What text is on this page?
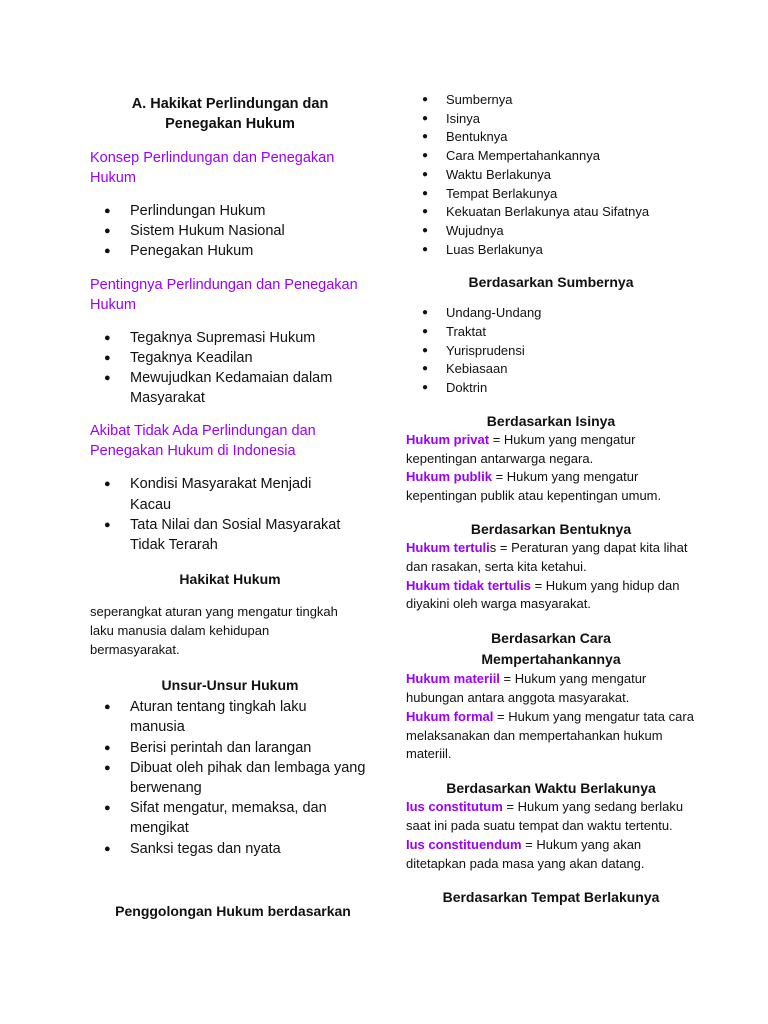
A. Hakikat Perlindungan dan
Penegakan Hukum
Konsep Perlindungan dan Penegakan Hukum
● Perlindungan Hukum
● Sistem Hukum Nasional
● Penegakan Hukum
Pentingnya Perlindungan dan Penegakan Hukum
● Tegaknya Supremasi Hukum
● Tegaknya Keadilan
● Mewujudkan Kedamaian dalam Masyarakat
Akibat Tidak Ada Perlindungan dan Penegakan Hukum di Indonesia
● Kondisi Masyarakat Menjadi Kacau
● Tata Nilai dan Sosial Masyarakat Tidak Terarah
Hakikat Hukum

seperangkat aturan yang mengatur tingkah laku manusia dalam kehidupan bermasyarakat.

Unsur-Unsur Hukum
● Aturan tentang tingkah laku manusia
● Berisi perintah dan larangan
● Dibuat oleh pihak dan lembaga yang berwenang
● Sifat mengatur, memaksa, dan mengikat
● Sanksi tegas dan nyata
Penggolongan Hukum berdasarkan
● Sumbernya
● Isinya
● Bentuknya
● Cara Mempertahankannya
● Waktu Berlakunya
● Tempat Berlakunya
● Kekuatan Berlakunya atau Sifatnya
● Wujudnya
● Luas Berlakunya
Berdasarkan Sumbernya
● Undang-Undang
● Traktat
● Yurisprudensi
● Kebiasaan
● Doktrin
Berdasarkan Isinya

Hukum privat = Hukum yang mengatur kepentingan antarwarga negara.

Hukum publik = Hukum yang mengatur kepentingan publik atau kepentingan umum.

Berdasarkan Bentuknya

Hukum tertulis = Peraturan yang dapat kita lihat dan rasakan, serta kita ketahui.

Hukum tidak tertulis = Hukum yang hidup dan diyakini oleh warga masyarakat.

Berdasarkan Cara
Mempertahankannya

Hukum materiil = Hukum yang mengatur hubungan antara anggota masyarakat.

Hukum formal = Hukum yang mengatur tata cara melaksanakan dan mempertahankan hukum materiil.

Berdasarkan Waktu Berlakunya

Ius constitutum = Hukum yang sedang berlaku saat ini pada suatu tempat dan waktu tertentu.

Ius constituendum = Hukum yang akan ditetapkan pada masa yang akan datang.

Berdasarkan Tempat Berlakunya
